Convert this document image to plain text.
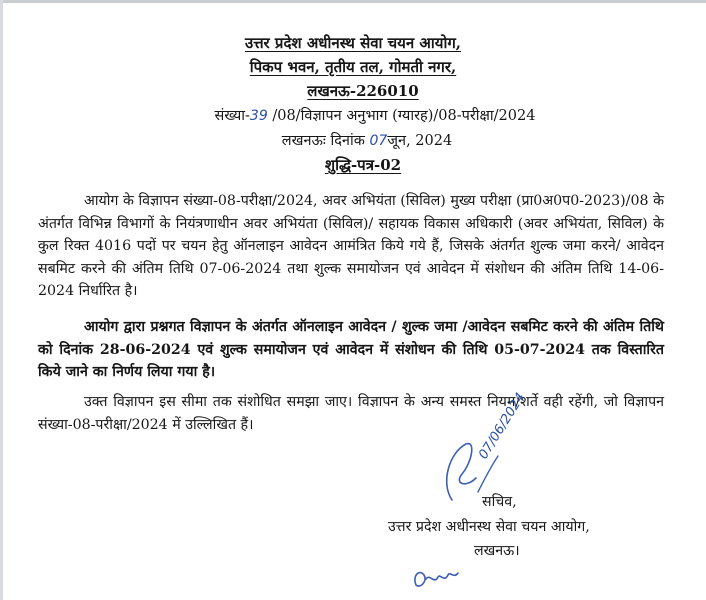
उत्तर प्रदेश अधीनस्थ सेवा चयन आयोग,
पिकप भवन, तृतीय तल, गोमती नगर,
लखनऊ-226010
संख्या-39 /08/विज्ञापन अनुभाग (ग्यारह)/08-परीक्षा/2024
लखनऊः दिनांक 07जून, 2024
शुद्धि-पत्र-02
आयोग के विज्ञापन संख्या-08-परीक्षा/2024, अवर अभियंता (सिविल) मुख्य परीक्षा (प्रा0अ0प0-2023)/08 के अंतर्गत विभिन्न विभागों के नियंत्रणाधीन अवर अभियंता (सिविल)/ सहायक विकास अधिकारी (अवर अभियंता, सिविल) के कुल रिक्त 4016 पदों पर चयन हेतु ऑनलाइन आवेदन आमंत्रित किये गये हैं, जिसके अंतर्गत शुल्क जमा करने/ आवेदन सबमिट करने की अंतिम तिथि 07-06-2024 तथा शुल्क समायोजन एवं आवेदन में संशोधन की अंतिम तिथि 14-06-2024 निर्धारित है।
आयोग द्वारा प्रश्नगत विज्ञापन के अंतर्गत ऑनलाइन आवेदन / शुल्क जमा /आवेदन सबमिट करने की अंतिम तिथि को दिनांक 28-06-2024 एवं शुल्क समायोजन एवं आवेदन में संशोधन की तिथि 05-07-2024 तक विस्तारित किये जाने का निर्णय लिया गया है।
उक्त विज्ञापन इस सीमा तक संशोधित समझा जाए। विज्ञापन के अन्य समस्त नियम/शर्ते वही रहेंगी, जो विज्ञापन संख्या-08-परीक्षा/2024 में उल्लिखित हैं।	07/06/2024
सचिव,
उत्तर प्रदेश अधीनस्थ सेवा चयन आयोग,
लखनऊ।
